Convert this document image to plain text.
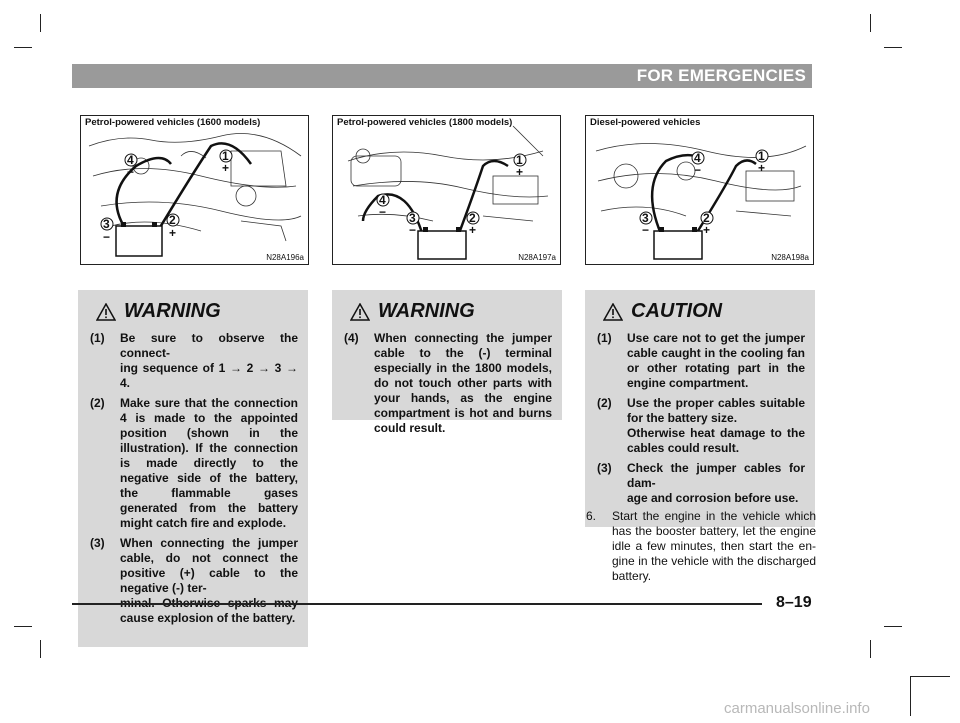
FOR EMERGENCIES
4
−
1
+
3
−
2
+
Petrol-powered vehicles (1600 models)
N28A196a
4
−
1
+
3
−
2
+
Petrol-powered vehicles (1800 models)
N28A197a
4
−
1
+
3
−
2
+
Diesel-powered vehicles
N28A198a
WARNING
(1)	Be sure to observe the connect-
ing sequence of 1 → 2 → 3 → 4.
(2)	Make sure that the connection 4 is made to the appointed position (shown in the illustration). If the connection is made directly to the negative side of the battery, the flammable gases generated from the battery might catch fire and explode.
(3)	When connecting the jumper cable, do not connect the positive (+) cable to the negative (-) ter-
cause explosion of the battery.
WARNING
(4)	When connecting the jumper cable to the (-) terminal especially in the 1800 models, do not touch other parts with your hands, as the engine compartment is hot and burns could result.
CAUTION
(1)	Use care not to get the jumper cable caught in the cooling fan or other rotating part in the engine compartment.
(2)	Use the proper cables suitable for the battery size.
Otherwise heat damage to the cables could result.
(3)	Check the jumper cables for dam-
age and corrosion before use.
6.	Start the engine in the vehicle which has the booster battery, let the engine idle a few minutes, then start the en- gine in the vehicle with the discharged battery.
8–19
carmanualsonline.info
